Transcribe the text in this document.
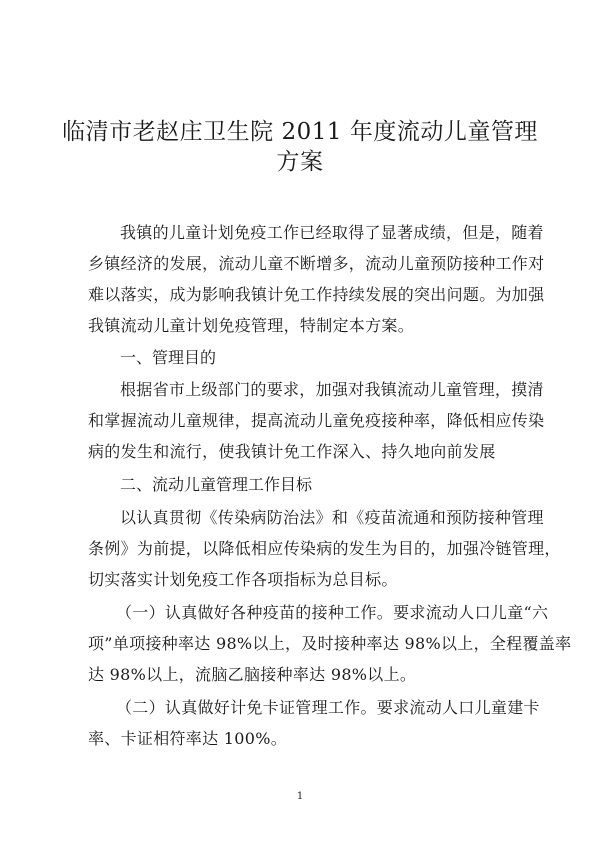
临清市老赵庄卫生院 2011 年度流动儿童管理
方案

我镇的儿童计划免疫工作已经取得了显著成绩，但是，随着

乡镇经济的发展，流动儿童不断增多，流动儿童预防接种工作对

难以落实，成为影响我镇计免工作持续发展的突出问题。为加强

我镇流动儿童计划免疫管理，特制定本方案。

一、管理目的

根据省市上级部门的要求，加强对我镇流动儿童管理，摸清

和掌握流动儿童规律，提高流动儿童免疫接种率，降低相应传染

病的发生和流行，使我镇计免工作深入、持久地向前发展

二、流动儿童管理工作目标

以认真贯彻《传染病防治法》和《疫苗流通和预防接种管理

条例》为前提，以降低相应传染病的发生为目的，加强冷链管理，

切实落实计划免疫工作各项指标为总目标。

（一）认真做好各种疫苗的接种工作。要求流动人口儿童“六

项”单项接种率达 98%以上，及时接种率达 98%以上，全程覆盖率

达 98%以上，流脑乙脑接种率达 98%以上。

（二）认真做好计免卡证管理工作。要求流动人口儿童建卡

率、卡证相符率达 100%。

1
